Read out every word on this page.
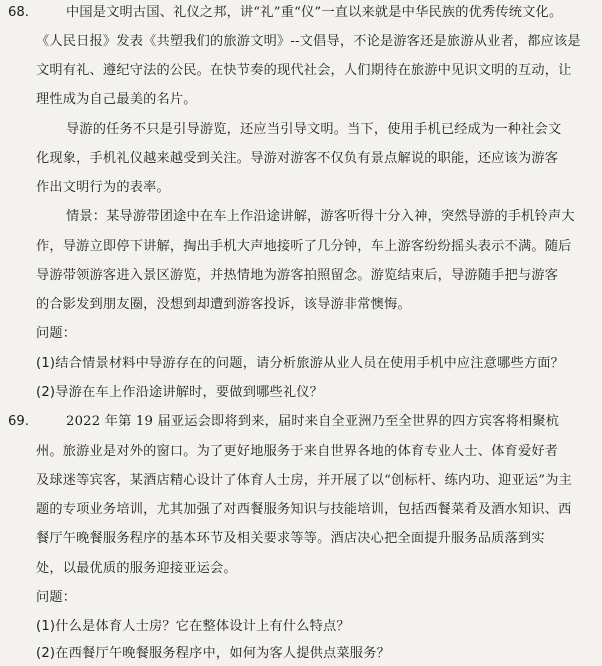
68.	中国是文明古国、礼仪之邦，讲“礼”重“仪”一直以来就是中华民族的优秀传统文化。
《人民日报》发表《共塑我们的旅游文明》--文倡导，不论是游客还是旅游从业者，都应该是
文明有礼、遵纪守法的公民。在快节奏的现代社会，人们期待在旅游中见识文明的互动，让
理性成为自己最美的名片。
导游的任务不只是引导游览，还应当引导文明。当下，使用手机已经成为一种社会文
化现象，手机礼仪越来越受到关注。导游对游客不仅负有景点解说的职能，还应该为游客
作出文明行为的表率。
情景：某导游带团途中在车上作沿途讲解，游客听得十分入神，突然导游的手机铃声大
作，导游立即停下讲解，掏出手机大声地接听了几分钟，车上游客纷纷摇头表示不满。随后
导游带领游客进入景区游览，并热情地为游客拍照留念。游览结束后，导游随手把与游客
的合影发到朋友圈，没想到却遭到游客投诉，该导游非常懊悔。
问题：
(1)结合情景材料中导游存在的问题，请分析旅游从业人员在使用手机中应注意哪些方面？
(2)导游在车上作沿途讲解时，要做到哪些礼仪？
69.	2022 年第 19 届亚运会即将到来，届时来自全亚洲乃至全世界的四方宾客将相聚杭
州。旅游业是对外的窗口。为了更好地服务于来自世界各地的体育专业人士、体育爱好者
及球迷等宾客，某酒店精心设计了体育人士房，并开展了以“创标杆、练内功、迎亚运”为主
题的专项业务培训，尤其加强了对西餐服务知识与技能培训，包括西餐菜肴及酒水知识、西
餐厅午晚餐服务程序的基本环节及相关要求等等。酒店决心把全面提升服务品质落到实
处，以最优质的服务迎接亚运会。
问题：
(1)什么是体育人士房？它在整体设计上有什么特点？
(2)在西餐厅午晚餐服务程序中，如何为客人提供点菜服务？
